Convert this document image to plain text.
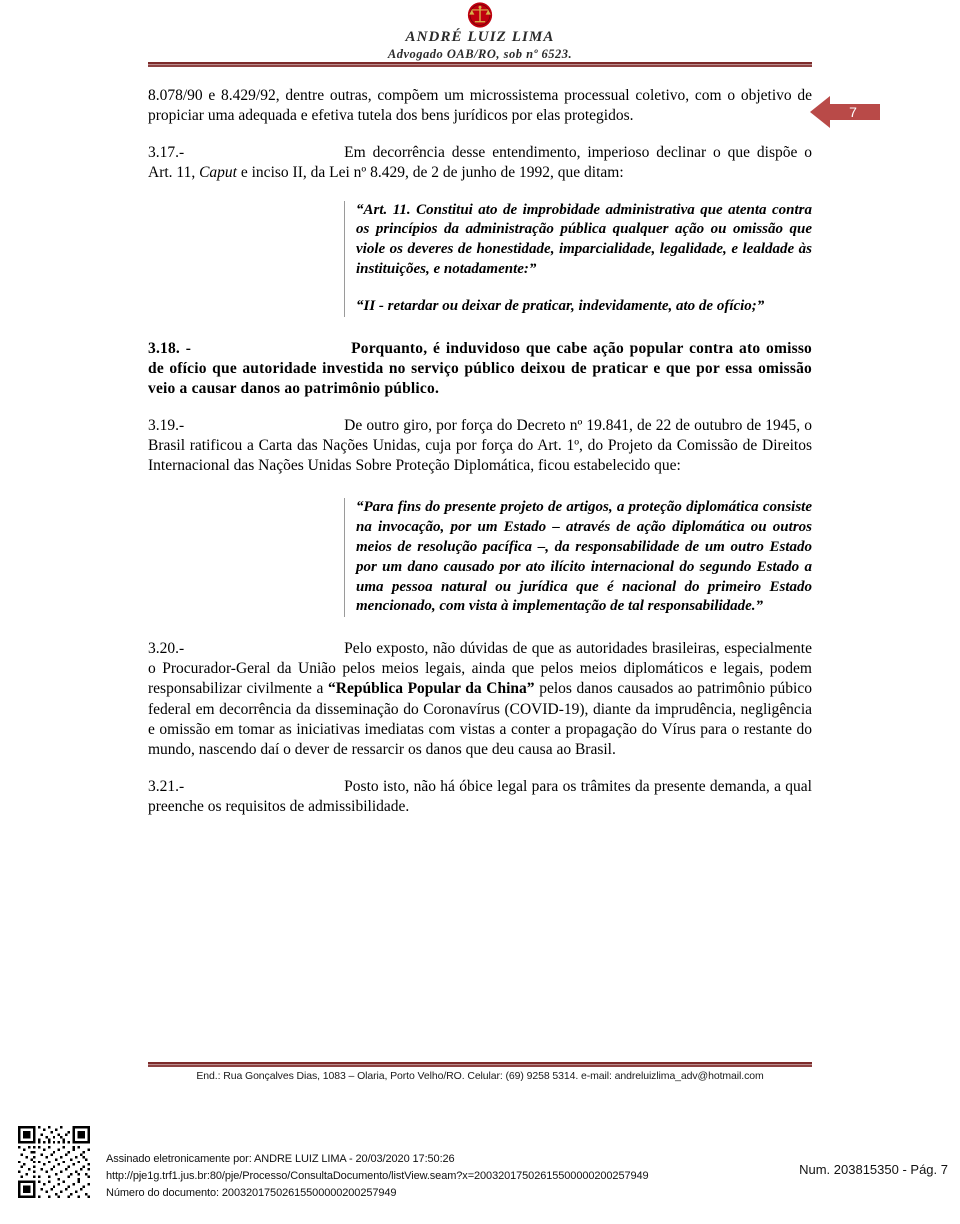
ANDRÉ LUIZ LIMA
Advogado OAB/RO, sob nº 6523.
7

8.078/90 e 8.429/92, dentre outras, compõem um microssistema processual coletivo, com o objetivo de propiciar uma adequada e efetiva tutela dos bens jurídicos por elas protegidos.

3.17.-	Em decorrência desse entendimento, imperioso declinar o que dispõe o Art. 11, Caput e inciso II, da Lei nº 8.429, de 2 de junho de 1992, que ditam:

“Art. 11. Constitui ato de improbidade administrativa que atenta contra os princípios da administração pública qualquer ação ou omissão que viole os deveres de honestidade, imparcialidade, legalidade, e lealdade às instituições, e notadamente:”

“II - retardar ou deixar de praticar, indevidamente, ato de ofício;”

3.18. -	Porquanto, é induvidoso que cabe ação popular contra ato omisso de ofício que autoridade investida no serviço público deixou de praticar e que por essa omissão veio a causar danos ao patrimônio público.

3.19.-	De outro giro, por força do Decreto nº 19.841, de 22 de outubro de 1945, o Brasil ratificou a Carta das Nações Unidas, cuja por força do Art. 1º, do Projeto da Comissão de Direitos Internacional das Nações Unidas Sobre Proteção Diplomática, ficou estabelecido que:

“Para fins do presente projeto de artigos, a proteção diplomática consiste na invocação, por um Estado – através de ação diplomática ou outros meios de resolução pacífica –, da responsabilidade de um outro Estado por um dano causado por ato ilícito internacional do segundo Estado a uma pessoa natural ou jurídica que é nacional do primeiro Estado mencionado, com vista à implementação de tal responsabilidade.”

3.20.-	Pelo exposto, não dúvidas de que as autoridades brasileiras, especialmente o Procurador-Geral da União pelos meios legais, ainda que pelos meios diplomáticos e legais, podem responsabilizar civilmente a “República Popular da China” pelos danos causados ao patrimônio púbico federal em decorrência da disseminação do Coronavírus (COVID-19), diante da imprudência, negligência e omissão em tomar as iniciativas imediatas com vistas a conter a propagação do Vírus para o restante do mundo, nascendo daí o dever de ressarcir os danos que deu causa ao Brasil.

3.21.-	Posto isto, não há óbice legal para os trâmites da presente demanda, a qual preenche os requisitos de admissibilidade.

End.: Rua Gonçalves Dias, 1083 – Olaria, Porto Velho/RO. Celular: (69) 9258 5314. e-mail: andreluizlima_adv@hotmail.com
Assinado eletronicamente por: ANDRE LUIZ LIMA - 20/03/2020 17:50:26
http://pje1g.trf1.jus.br:80/pje/Processo/ConsultaDocumento/listView.seam?x=20032017502615500000200257949
Número do documento: 20032017502615500000200257949
Num. 203815350 - Pág. 7
